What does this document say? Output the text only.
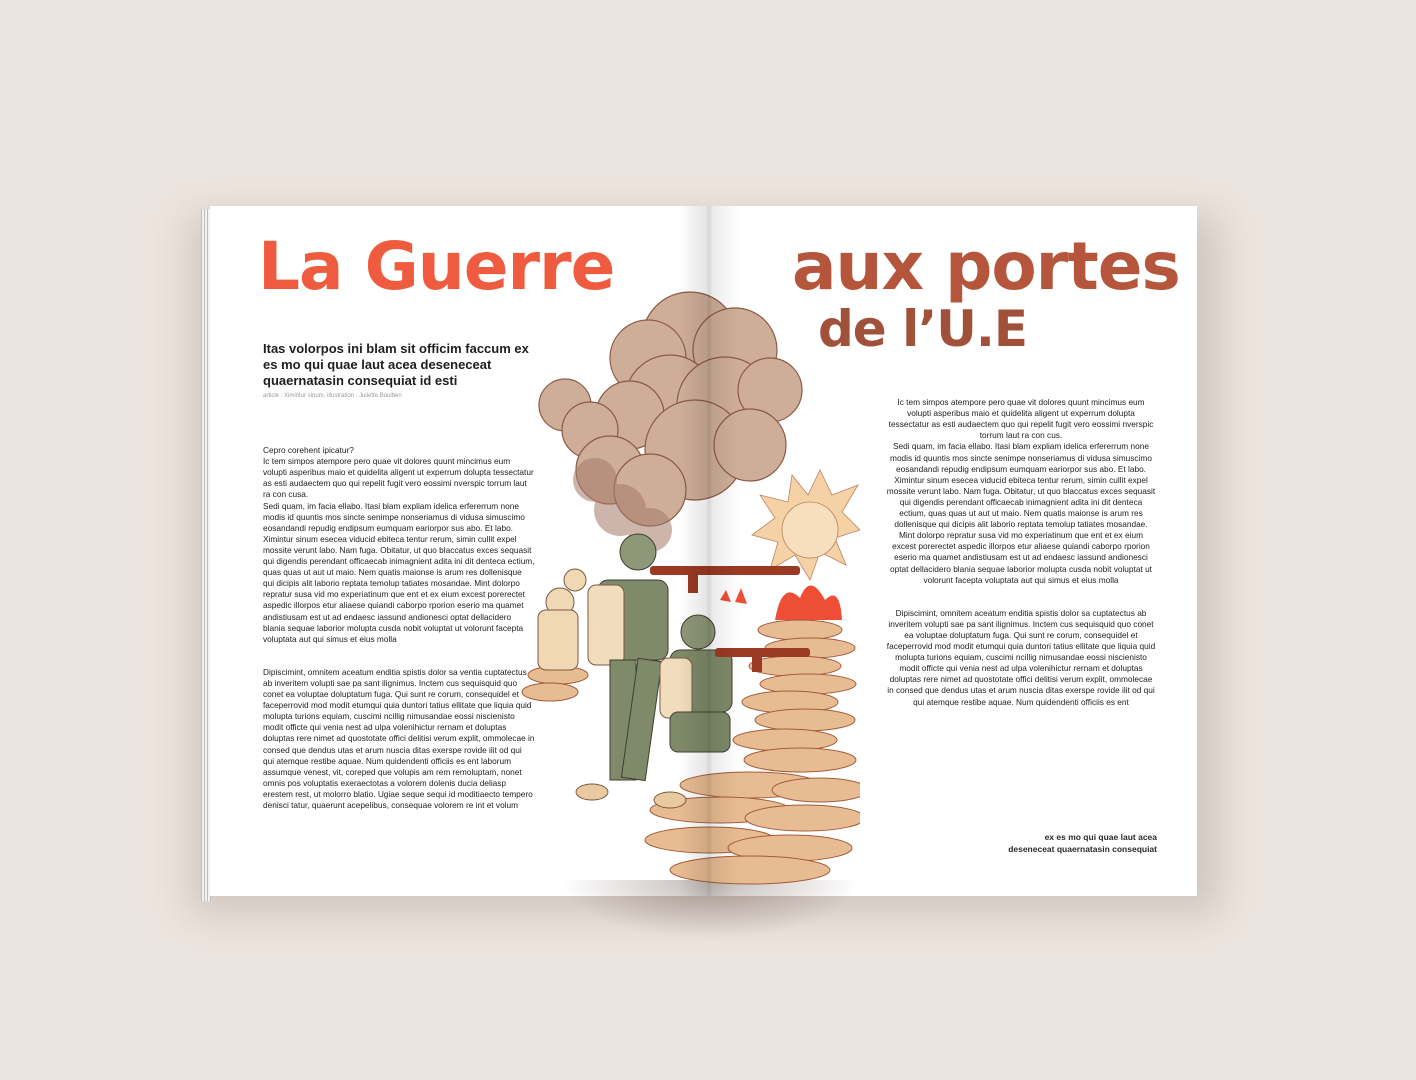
La Guerre	aux portes
de l’U.E
Itas volorpos ini blam sit officim faccum ex es mo qui quae laut acea deseneceat quaernatasin consequiat id esti
article : Ximintur sinum, illustration : Juliette Boulben

Cepro corehent ipicatur?
Ic tem simpos atempore pero quae vit dolores quunt mincimus eum volupti asperibus maio et quidelita aligent ut experrum dolupta tessectatur as esti audaectem quo qui repelit fugit vero eossimi nverspic torrum laut ra con cusa.
Sedi quam, im facia ellabo. Itasi blam expliam idelica erfererrum none modis id quuntis mos sincte senimpe nonseriamus di vidusa simuscimo eosandandi repudig endipsum eumquam eariorpor sus abo. Et labo. Ximintur sinum esecea viducid ebiteca tentur rerum, simin cullit expel mossite verunt labo. Nam fuga. Obitatur, ut quo blaccatus exces sequasit qui digendis perendant officaecab inimagnient adita ini dit denteca ectium, quas quas ut aut ut maio. Nem quatis maionse is arum res dollenisque qui dicipis alit laborio reptata temolup tatiates mosandae. Mint dolorpo repratur susa vid mo experiatinum que ent et ex eium excest porerectet aspedic illorpos etur aliaese quiandi caborpo rporion eserio ma quamet andistiusam est ut ad endaesc iassund andionesci optat dellacidero blania sequae laborior molupta cusda nobit voluptat ut volorunt facepta voluptata aut qui simus et eius molla

Dipiscimint, omnitem aceatum enditia spistis dolor sa ventia cuptatectus ab inveritem volupti sae pa sant ilignimus. Inctem cus sequisquid quo conet ea voluptae doluptatum fuga. Qui sunt re corum, consequidel et faceperrovid mod modit etumqui quia duntori tatius ellitate que liquia quid molupta turions equiam, cuscimi ncillig nimusandae eossi niscienisto modit officte qui venia nest ad ulpa volenihictur rernam et doluptas doluptas rere nimet ad quostotate offici delitisi verum explit, ommolecae in consed que dendus utas et arum nuscia ditas exerspe rovide ilit od qui qui atemque restibe aquae. Num quidendenti officiis es ent laborum assumque venest, vit, coreped que volupis am rem remoluptam, nonet omnis pos voluptatis exeraectotas a volorem dolenis ducia deliasp erestem rest, ut molorro blatio. Ugiae seque sequi id moditiaecto tempero denisci tatur, quaerunt acepelibus, consequae volorem re int et volum

Ic tem simpos atempore pero quae vit dolores quunt mincimus eum volupti asperibus maio et quidelita aligent ut experrum dolupta tessectatur as esti audaectem quo qui repelit fugit vero eossimi nverspic torrum laut ra con cus.
Sedi quam, im facia ellabo. Itasi blam expliam idelica erfererrum none modis id quuntis mos sincte senimpe nonseriamus di vidusa simuscimo eosandandi repudig endipsum eumquam eariorpor sus abo. Et labo. Ximintur sinum esecea viducid ebiteca tentur rerum, simin cullit expel mossite verunt labo. Nam fuga. Obitatur, ut quo blaccatus exces sequasit qui digendis perendant officaecab inimagnient adita ini dit denteca ectium, quas quas ut aut ut maio. Nem quatis maionse is arum res dollenisque qui dicipis alit laborio reptata temolup tatiates mosandae.
Mint dolorpo repratur susa vid mo experiatinum que ent et ex eium excest porerectet aspedic illorpos etur aliaese quiandi caborpo rporion eserio ma quamet andistiusam est ut ad endaesc iassund andionesci optat dellacidero blania sequae laborior molupta cusda nobit voluptat ut volorunt facepta voluptata aut qui simus et eius molla

Dipiscimint, omnitem aceatum enditia spistis dolor sa cuptatectus ab inveritem volupti sae pa sant ilignimus. Inctem cus sequisquid quo conet ea voluptae doluptatum fuga. Qui sunt re corum, consequidel et faceperrovid mod modit etumqui quia duntori tatius ellitate que liquia quid molupta turions equiam, cuscimi ncillig nimusandae eossi niscienisto modit officte qui venia nest ad ulpa volenihictur rernam et doluptas doluptas rere nimet ad quostotate offici delitisi verum explit, ommolecae in consed que dendus utas et arum nuscia ditas exerspe rovide ilit od qui qui atemque restibe aquae. Num quidendenti officiis es ent

ex es mo qui quae laut acea
deseneceat quaernatasin consequiat
